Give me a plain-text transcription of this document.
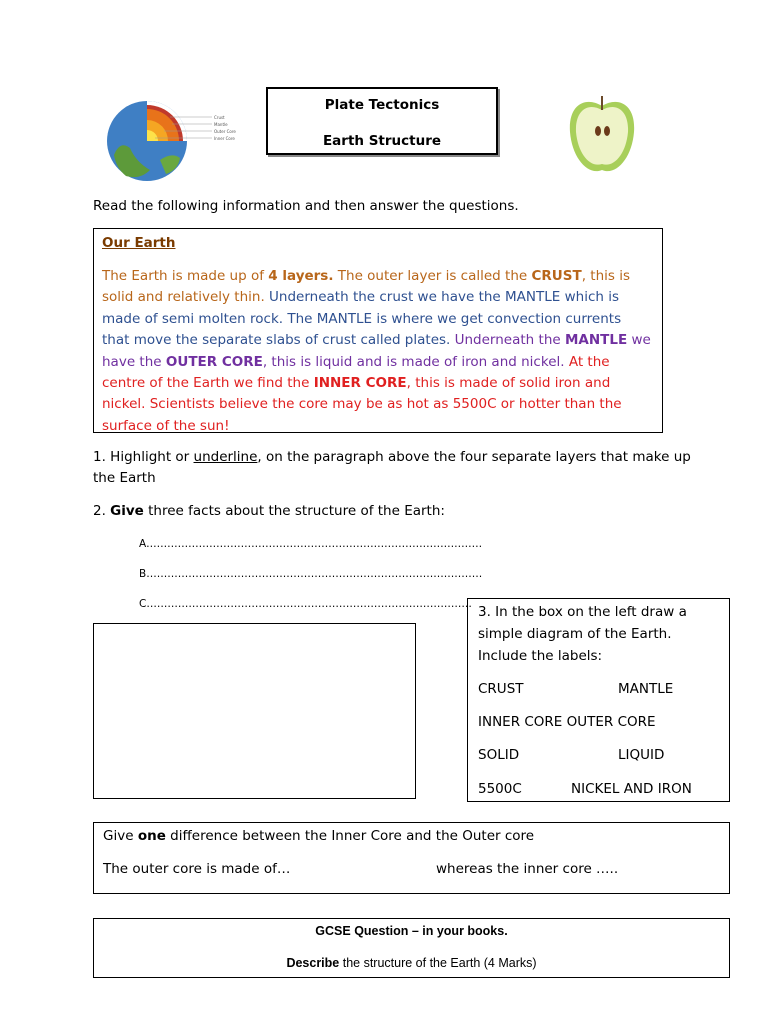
Crust
Mantle
Outer Core
Inner Core
Plate Tectonics
Earth Structure
Read the following information and then answer the questions.
Our Earth
The Earth is made up of 4 layers. The outer layer is called the CRUST, this is solid and relatively thin. Underneath the crust we have the MANTLE which is made of semi molten rock. The MANTLE is where we get convection currents that move the separate slabs of crust called plates. Underneath the MANTLE we have the OUTER CORE, this is liquid and is made of iron and nickel. At the centre of the Earth we find the INNER CORE, this is made of solid iron and nickel. Scientists believe the core may be as hot as 5500C or hotter than the surface of the sun!
1. Highlight or underline, on the paragraph above the four separate layers that make up
the Earth
2. Give three facts about the structure of the Earth:
A……………………………………………………………………………………
B……………………………………………………………………………………
C………………………………………………………………………………… 3. In the box on the left draw a
simple diagram of the Earth.
Include the labels:
CRUST	MANTLE
INNER CORE OUTER CORE
SOLID	LIQUID
5500C	NICKEL AND IRON
Give one difference between the Inner Core and the Outer core
The outer core is made of…	whereas the inner core …..
GCSE Question – in your books.
Describe the structure of the Earth (4 Marks)
